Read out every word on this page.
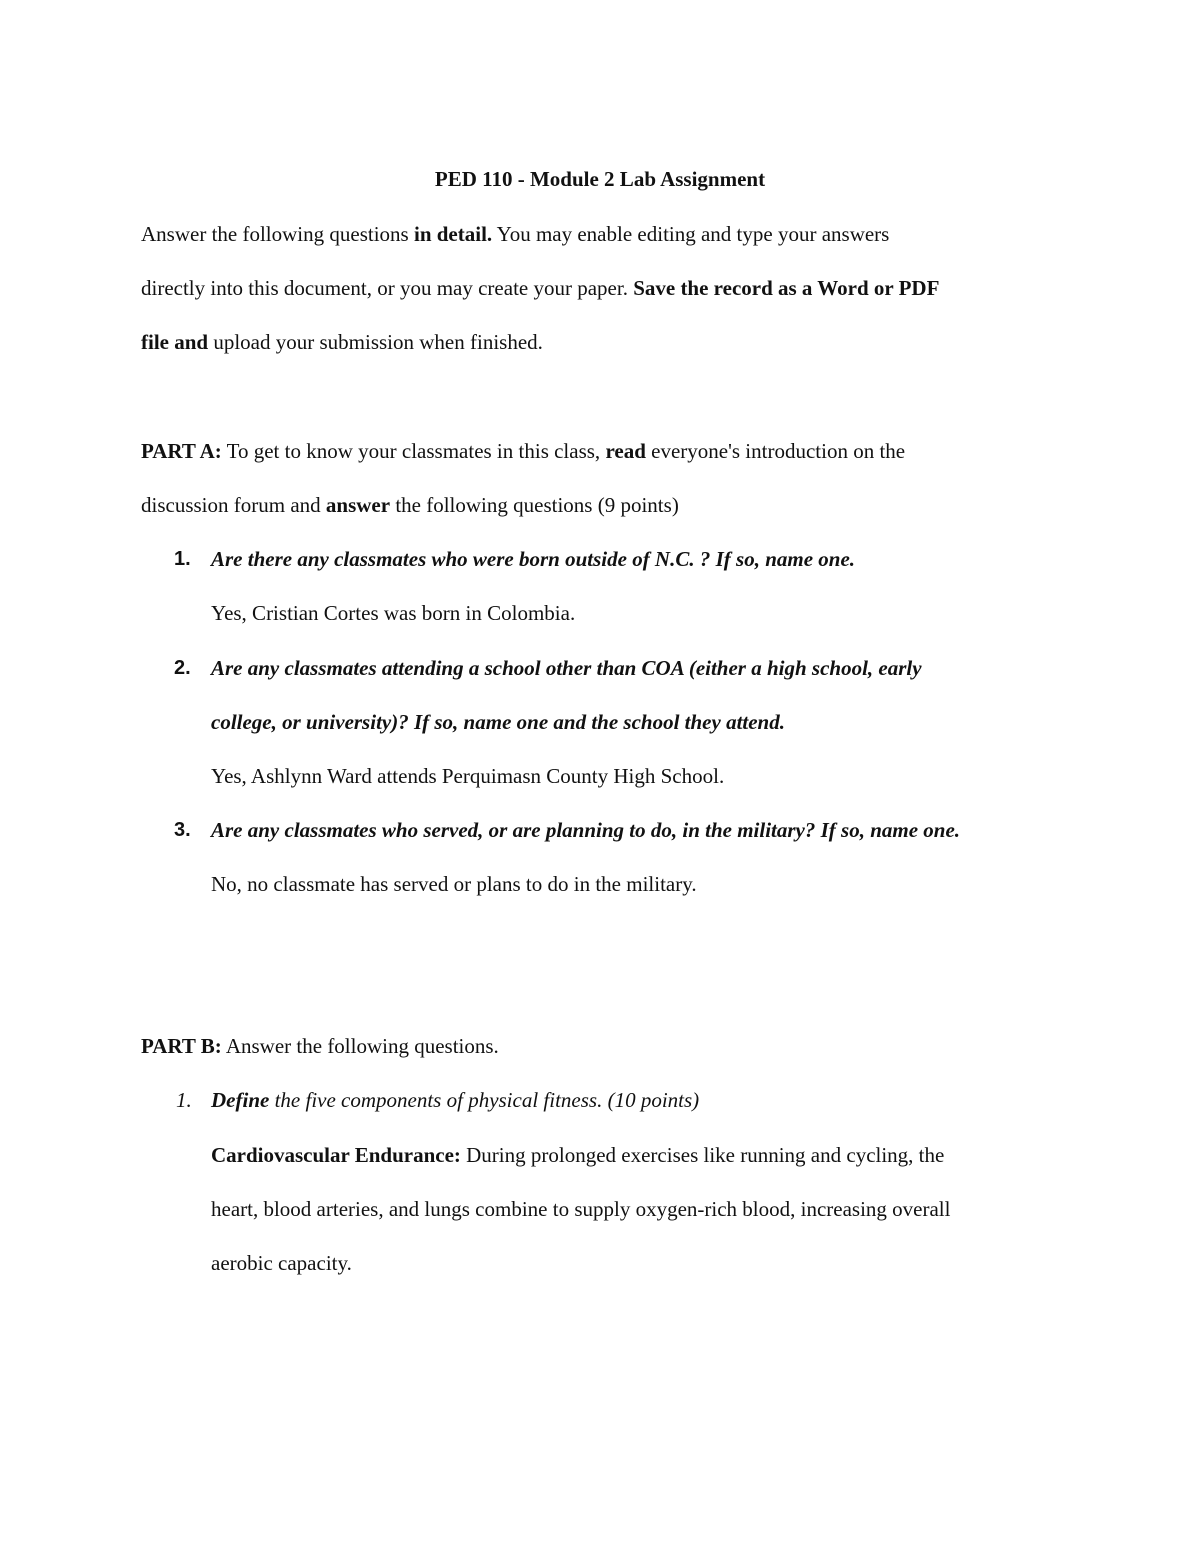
PED 110 - Module 2 Lab Assignment
Answer the following questions in detail. You may enable editing and type your answers
directly into this document, or you may create your paper. Save the record as a Word or PDF
file and upload your submission when finished.
PART A: To get to know your classmates in this class, read everyone's introduction on the
discussion forum and answer the following questions (9 points)
1. Are there any classmates who were born outside of N.C. ? If so, name one.
Yes, Cristian Cortes was born in Colombia.
2. Are any classmates attending a school other than COA (either a high school, early
college, or university)? If so, name one and the school they attend.
Yes, Ashlynn Ward attends Perquimasn County High School.
3. Are any classmates who served, or are planning to do, in the military? If so, name one.
No, no classmate has served or plans to do in the military.
PART B: Answer the following questions.
1. Define the five components of physical fitness. (10 points)
Cardiovascular Endurance: During prolonged exercises like running and cycling, the
heart, blood arteries, and lungs combine to supply oxygen-rich blood, increasing overall
aerobic capacity.
